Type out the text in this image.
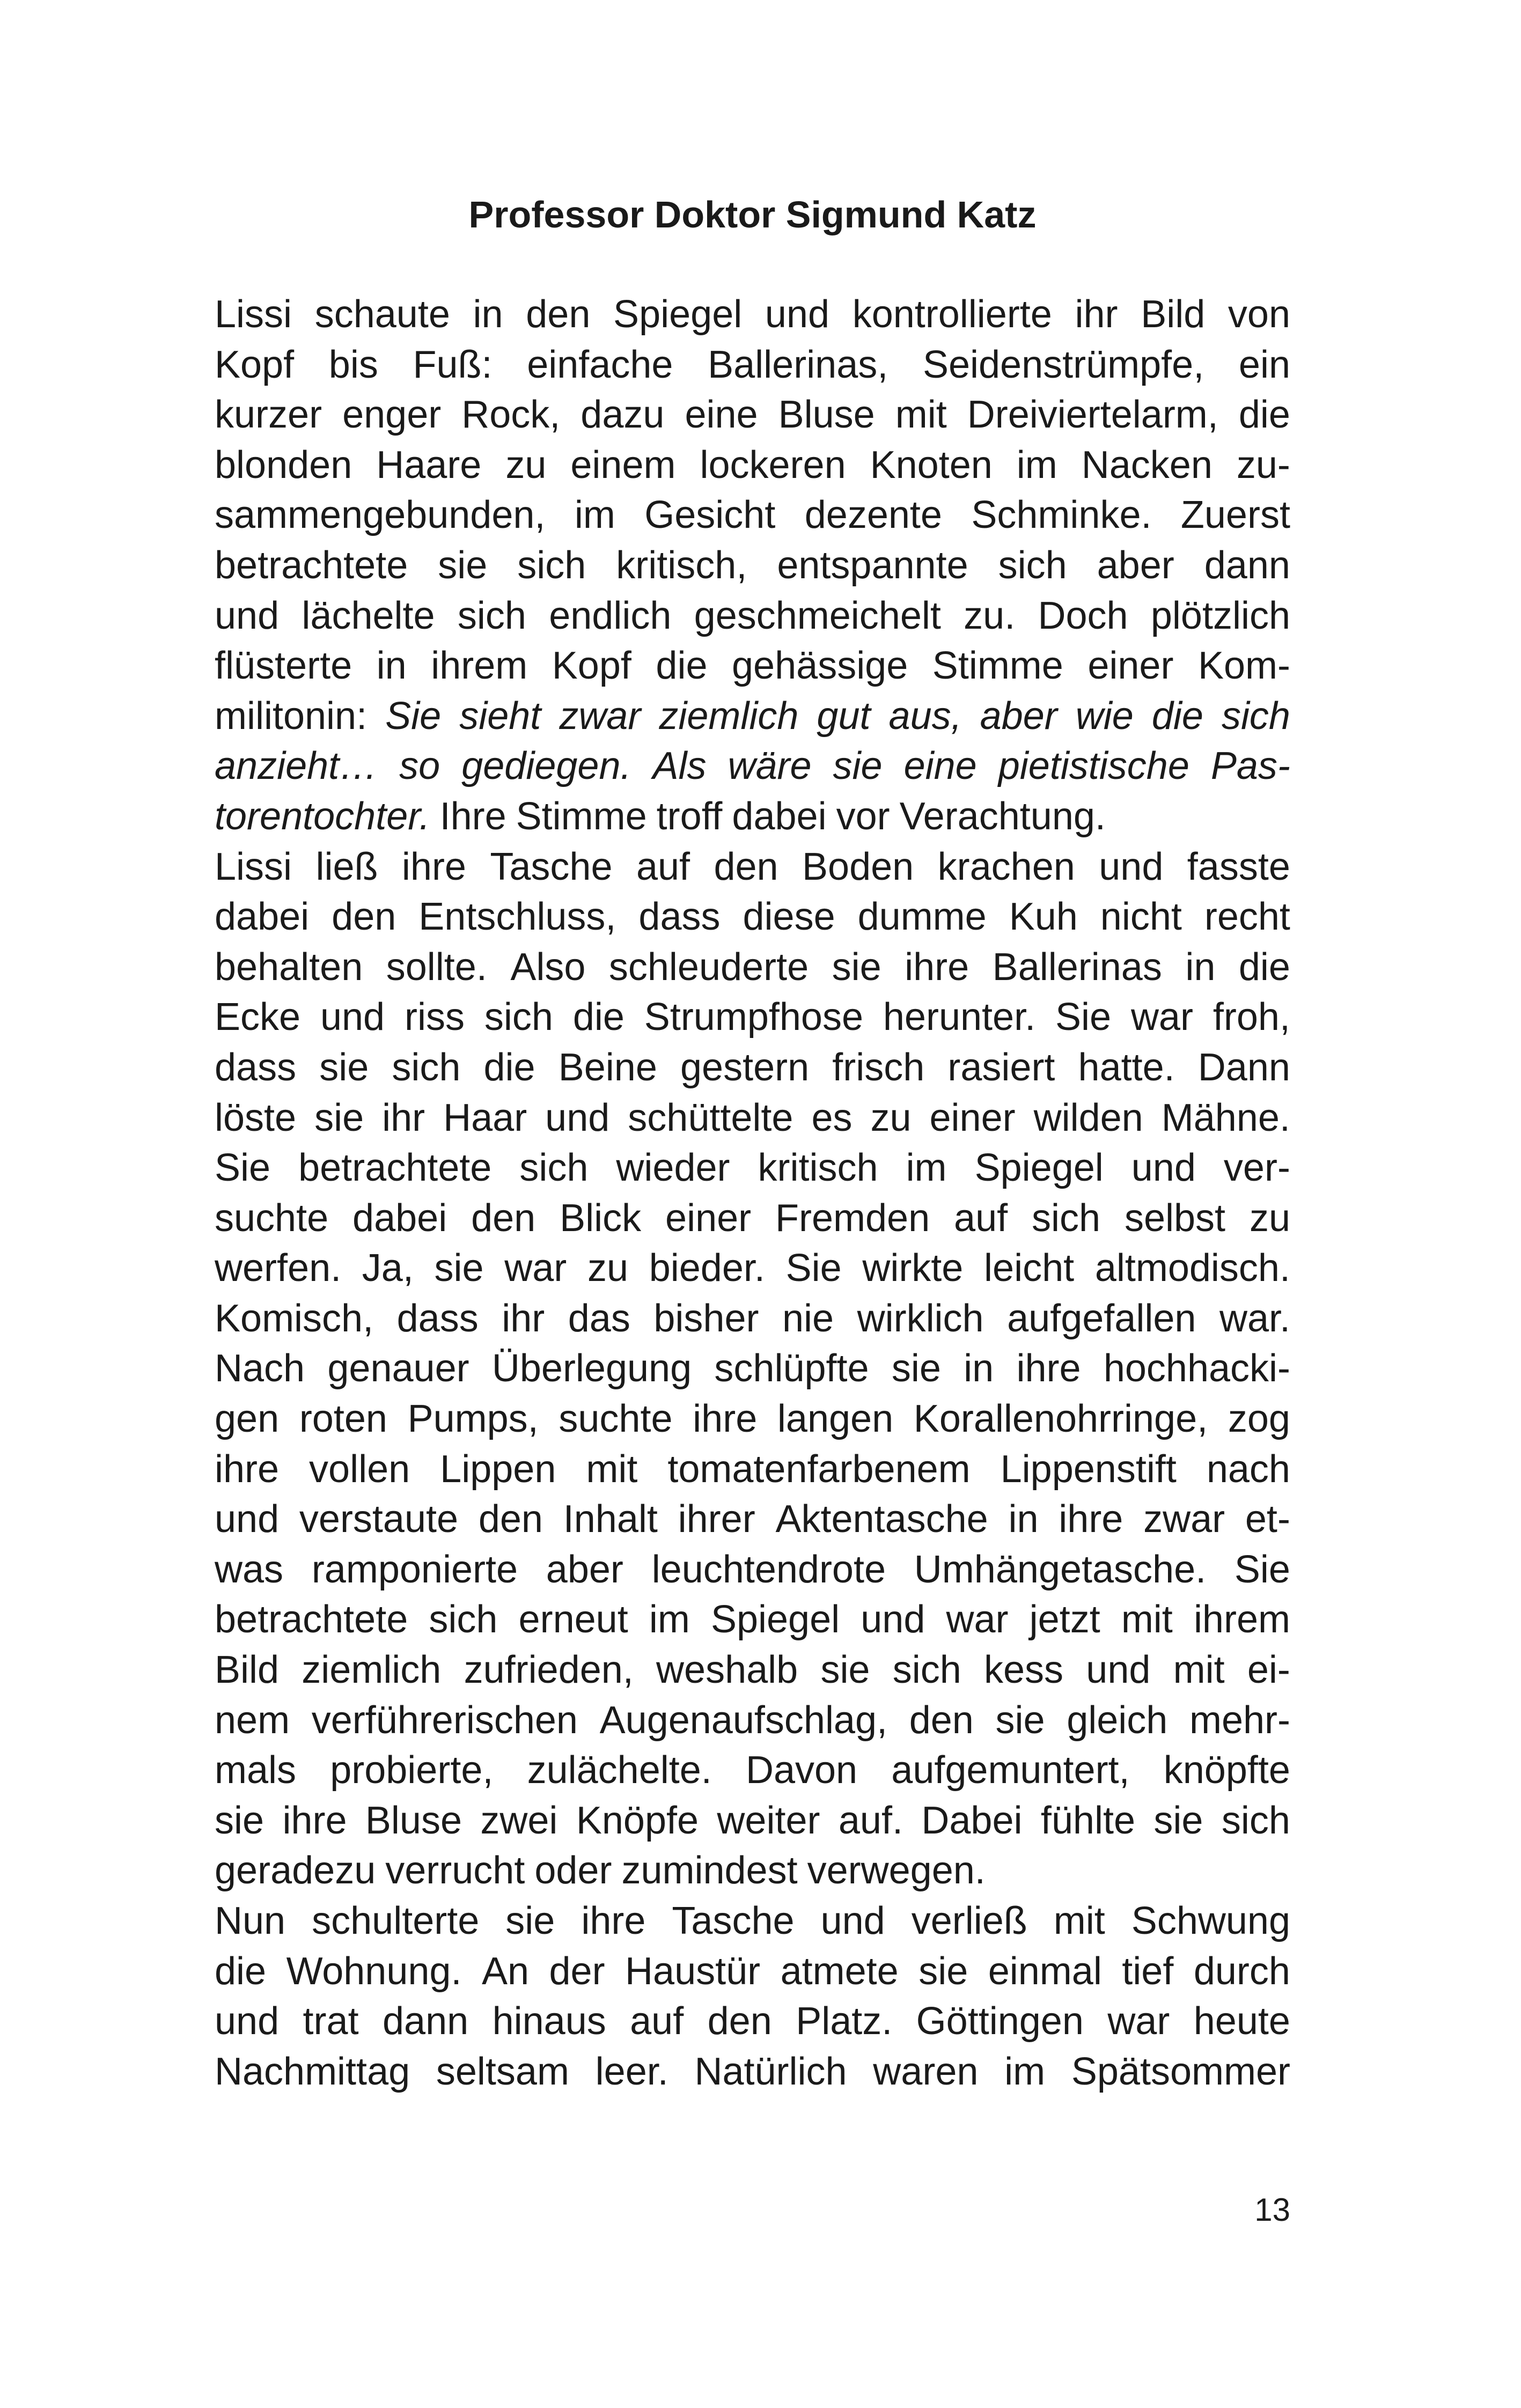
Professor Doktor Sigmund Katz
Lissi schaute in den Spiegel und kontrollierte ihr Bild von
Kopf bis Fuß: einfache Ballerinas, Seidenstrümpfe, ein
kurzer enger Rock, dazu eine Bluse mit Dreiviertelarm, die
blonden Haare zu einem lockeren Knoten im Nacken zu-
sammengebunden, im Gesicht dezente Schminke. Zuerst
betrachtete sie sich kritisch, entspannte sich aber dann
und lächelte sich endlich geschmeichelt zu. Doch plötzlich
flüsterte in ihrem Kopf die gehässige Stimme einer Kom-
militonin: Sie sieht zwar ziemlich gut aus, aber wie die sich
anzieht… so gediegen. Als wäre sie eine pietistische Pas-
torentochter. Ihre Stimme troff dabei vor Verachtung.
Lissi ließ ihre Tasche auf den Boden krachen und fasste
dabei den Entschluss, dass diese dumme Kuh nicht recht
behalten sollte. Also schleuderte sie ihre Ballerinas in die
Ecke und riss sich die Strumpfhose herunter. Sie war froh,
dass sie sich die Beine gestern frisch rasiert hatte. Dann
löste sie ihr Haar und schüttelte es zu einer wilden Mähne.
Sie betrachtete sich wieder kritisch im Spiegel und ver-
suchte dabei den Blick einer Fremden auf sich selbst zu
werfen. Ja, sie war zu bieder. Sie wirkte leicht altmodisch.
Komisch, dass ihr das bisher nie wirklich aufgefallen war.
Nach genauer Überlegung schlüpfte sie in ihre hochhacki-
gen roten Pumps, suchte ihre langen Korallenohrringe, zog
ihre vollen Lippen mit tomatenfarbenem Lippenstift nach
und verstaute den Inhalt ihrer Aktentasche in ihre zwar et-
was ramponierte aber leuchtendrote Umhängetasche. Sie
betrachtete sich erneut im Spiegel und war jetzt mit ihrem
Bild ziemlich zufrieden, weshalb sie sich kess und mit ei-
nem verführerischen Augenaufschlag, den sie gleich mehr-
mals probierte, zulächelte. Davon aufgemuntert, knöpfte
sie ihre Bluse zwei Knöpfe weiter auf. Dabei fühlte sie sich
geradezu verrucht oder zumindest verwegen.
Nun schulterte sie ihre Tasche und verließ mit Schwung
die Wohnung. An der Haustür atmete sie einmal tief durch
und trat dann hinaus auf den Platz. Göttingen war heute
Nachmittag seltsam leer. Natürlich waren im Spätsommer
13
